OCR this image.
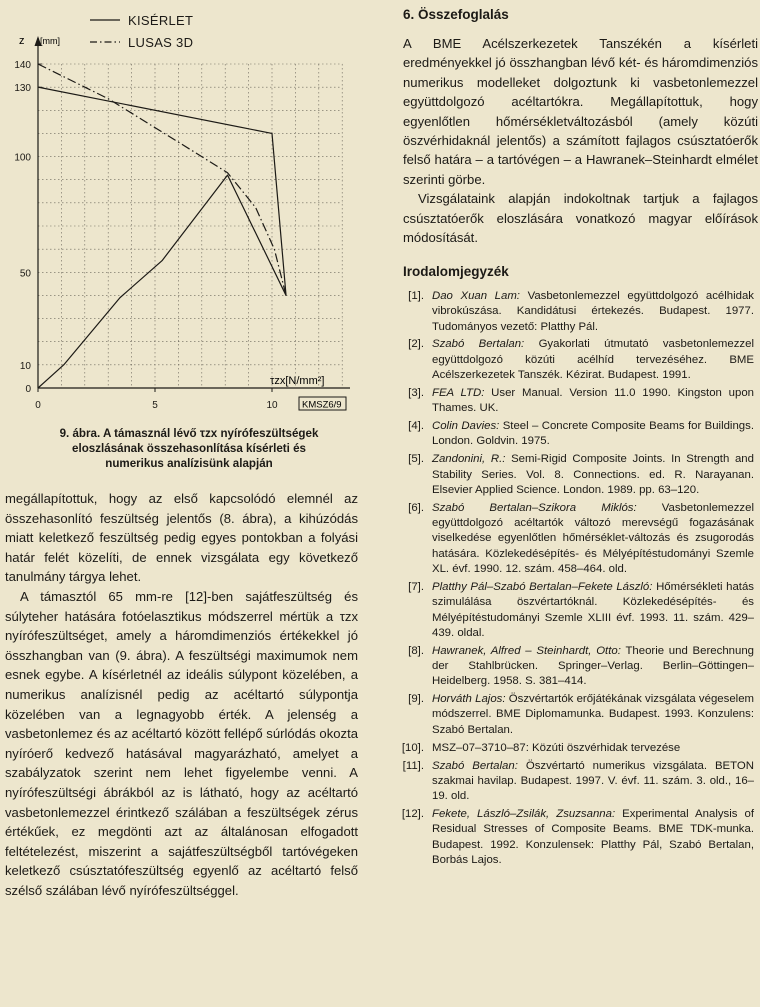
0
10
50
100
130
140
0	5	10
KISÉRLET
LUSAS 3D
z [mm]
τzx[N/mm²]
KMSZ6/9
9. ábra. A támasznál lévő τzx nyírófeszültségek
eloszlásának összehasonlítása kísérleti és
numerikus analízisünk alapján

megállapítottuk, hogy az első kapcsolódó elemnél az összehasonlító feszültség jelentős (8. ábra), a kihúzódás miatt keletkező feszültség pedig egyes pontokban a folyási határ felét közelíti, de ennek vizsgálata egy következő tanulmány tárgya lehet.

A támasztól 65 mm-re [12]-ben sajátfeszültség és súlyteher hatására fotóelasztikus módszerrel mértük a τzx nyírófeszültséget, amely a háromdimenziós értékekkel jó összhangban van (9. ábra). A feszültségi maximumok nem esnek egybe. A kísérletnél az ideális súlypont közelében, a numerikus analízisnél pedig az acéltartó súlypontja közelében van a legnagyobb érték. A jelenség a vasbetonlemez és az acéltartó között fellépő súrlódás okozta nyíróerő kedvező hatásával magyarázható, amelyet a szabályzatok szerint nem lehet figyelembe venni. A nyírófeszültségi ábrákból az is látható, hogy az acéltartó vasbetonlemezzel érintkező szálában a feszültségek zérus értékűek, ez megdönti azt az általánosan elfogadott feltételezést, miszerint a sajátfeszültségből tartóvégeken keletkező csúsztatófeszültség egyenlő az acéltartó felső szélső szálában lévő nyírófeszültséggel.

6. Összefoglalás

A BME Acélszerkezetek Tanszékén a kísérleti eredményekkel jó összhangban lévő két- és háromdimenziós numerikus modelleket dolgoztunk ki vasbetonlemezzel együttdolgozó acéltartókra. Megállapítottuk, hogy egyenlőtlen hőmérsékletváltozásból (amely közúti öszvérhidaknál jelentős) a számított fajlagos csúsztatóerők felső határa – a tartóvégen – a Hawranek–Steinhardt elmélet szerinti görbe.

Vizsgálataink alapján indokoltnak tartjuk a fajlagos csúsztatóerők eloszlására vonatkozó magyar előírások módosítását.

Irodalomjegyzék
[1]. Dao Xuan Lam: Vasbetonlemezzel együttdolgozó acélhidak vibrokúszása. Kandidátusi értekezés. Budapest. 1977. Tudományos vezető: Platthy Pál.
[2]. Szabó Bertalan: Gyakorlati útmutató vasbetonlemezzel együttdolgozó közúti acélhíd tervezéséhez. BME Acélszerkezetek Tanszék. Kézirat. Budapest. 1991.
[3]. FEA LTD: User Manual. Version 11.0 1990. Kingston upon Thames. UK.
[4]. Colin Davies: Steel – Concrete Composite Beams for Buildings. London. Goldvin. 1975.
[5]. Zandonini, R.: Semi-Rigid Composite Joints. In Strength and Stability Series. Vol. 8. Connections. ed. R. Narayanan. Elsevier Applied Science. London. 1989. pp. 63–120.
[6]. Szabó Bertalan–Szikora Miklós: Vasbetonlemezzel együttdolgozó acéltartók változó merevségű fogazásának viselkedése egyenlőtlen hőmérséklet-változás és zsugorodás hatására. Közlekedésépítés- és Mélyépítéstudományi Szemle XL. évf. 1990. 12. szám. 458–464. old.
[7]. Platthy Pál–Szabó Bertalan–Fekete László: Hőmérsékleti hatás szimulálása öszvértartóknál. Közlekedésépítés- és Mélyépítéstudományi Szemle XLIII évf. 1993. 11. szám. 429–439. oldal.
[8]. Hawranek, Alfred – Steinhardt, Otto: Theorie und Berechnung der Stahlbrücken. Springer–Verlag. Berlin–Göttingen–Heidelberg. 1958. S. 381–414.
[9]. Horváth Lajos: Öszvértartók erőjátékának vizsgálata végeselem módszerrel. BME Diplomamunka. Budapest. 1993. Konzulens: Szabó Bertalan.
[10]. MSZ–07–3710–87: Közúti öszvérhidak tervezése
[11]. Szabó Bertalan: Öszvértartó numerikus vizsgálata. BETON szakmai havilap. Budapest. 1997. V. évf. 11. szám. 3. old., 16–19. old.
[12]. Fekete, László–Zsilák, Zsuzsanna: Experimental Analysis of Residual Stresses of Composite Beams. BME TDK-munka. Budapest. 1992. Konzulensek: Platthy Pál, Szabó Bertalan, Borbás Lajos.
